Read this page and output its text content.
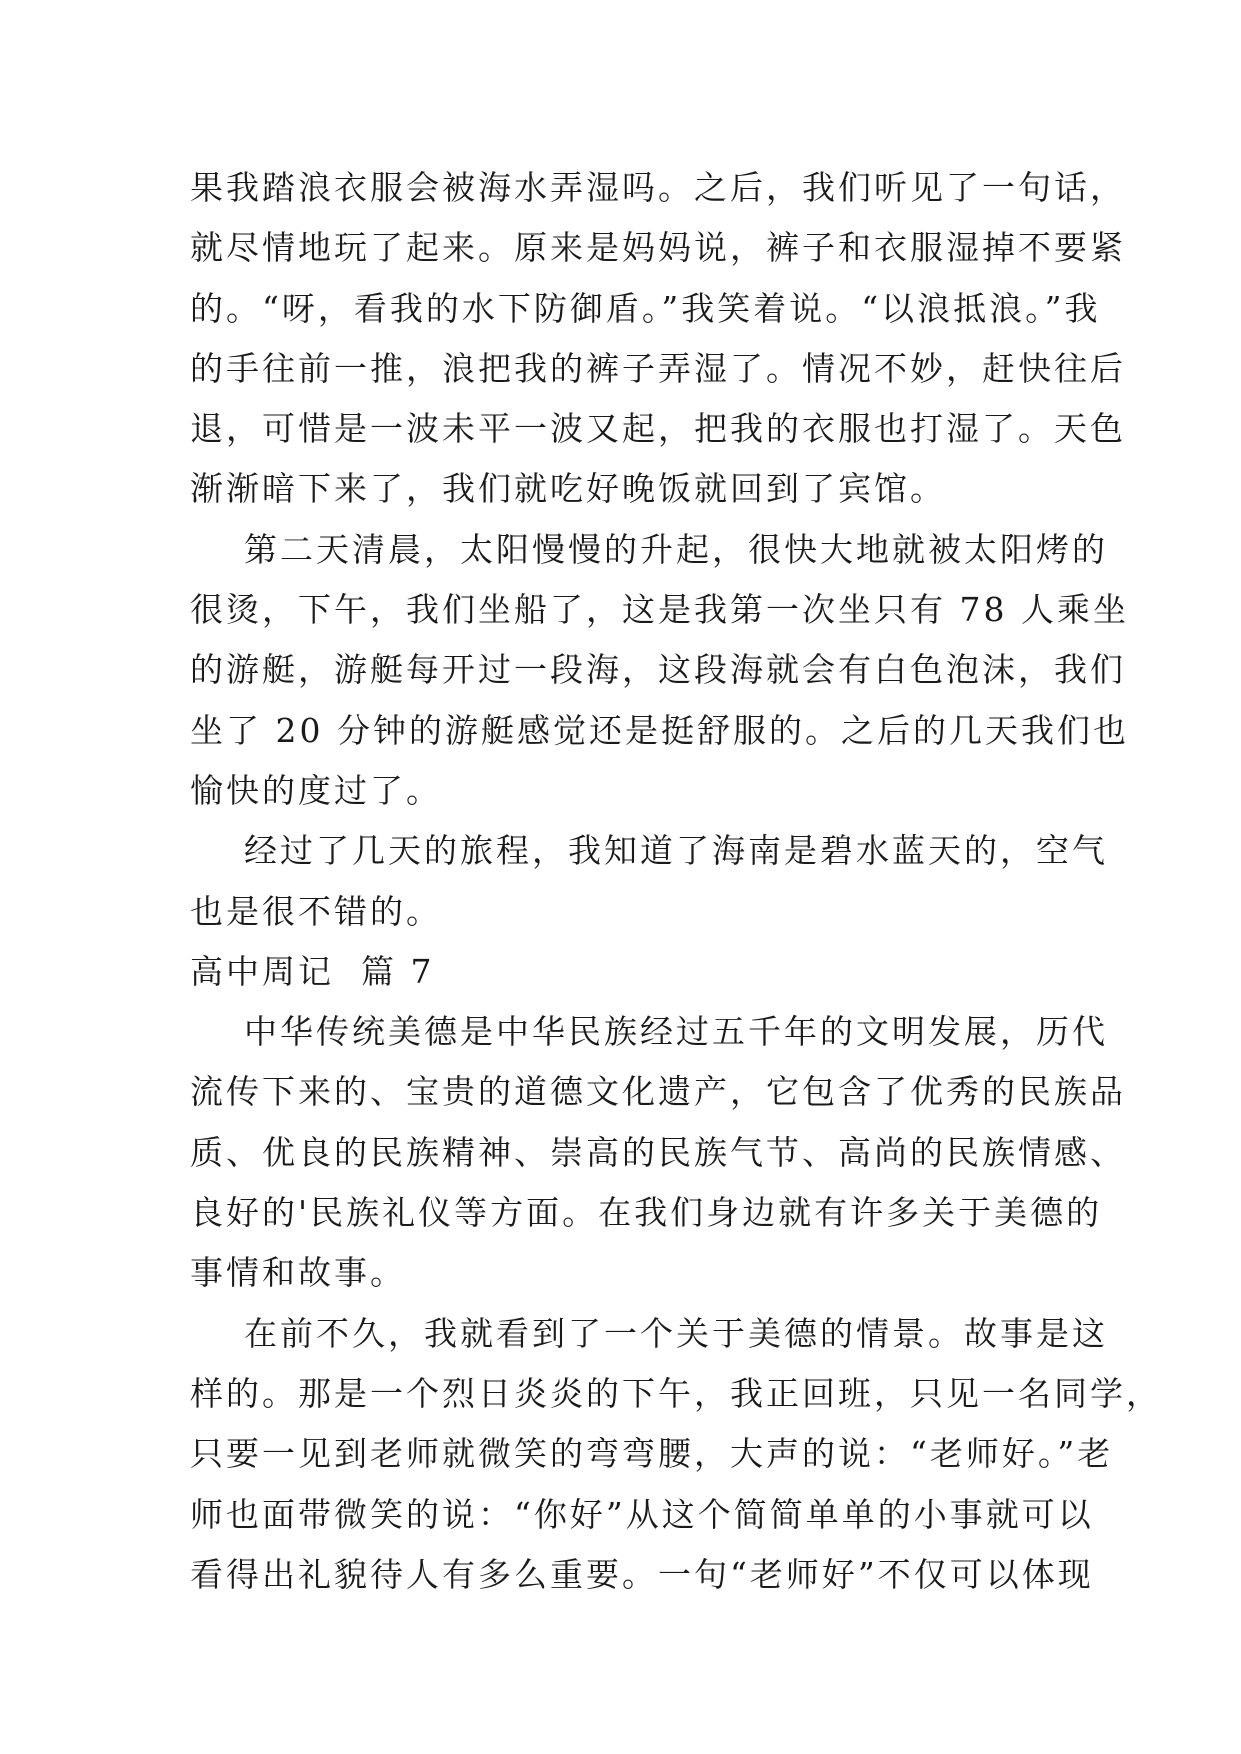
果我踏浪衣服会被海水弄湿吗。之后，我们听见了一句话，
就尽情地玩了起来。原来是妈妈说，裤子和衣服湿掉不要紧
的。“呀，看我的水下防御盾。”我笑着说。“以浪抵浪。”我
的手往前一推，浪把我的裤子弄湿了。情况不妙，赶快往后
退，可惜是一波未平一波又起，把我的衣服也打湿了。天色
渐渐暗下来了，我们就吃好晚饭就回到了宾馆。
第二天清晨，太阳慢慢的升起，很快大地就被太阳烤的
很烫，下午，我们坐船了，这是我第一次坐只有 78 人乘坐
的游艇，游艇每开过一段海，这段海就会有白色泡沫，我们
坐了 20 分钟的游艇感觉还是挺舒服的。之后的几天我们也
愉快的度过了。
经过了几天的旅程，我知道了海南是碧水蓝天的，空气
也是很不错的。
高中周记  篇 7
中华传统美德是中华民族经过五千年的文明发展，历代
流传下来的、宝贵的道德文化遗产，它包含了优秀的民族品
质、优良的民族精神、崇高的民族气节、高尚的民族情感、
良好的'民族礼仪等方面。在我们身边就有许多关于美德的
事情和故事。
在前不久，我就看到了一个关于美德的情景。故事是这
样的。那是一个烈日炎炎的下午，我正回班，只见一名同学，
只要一见到老师就微笑的弯弯腰，大声的说：“老师好。”老
师也面带微笑的说：“你好”从这个简简单单的小事就可以
看得出礼貌待人有多么重要。一句“老师好”不仅可以体现
